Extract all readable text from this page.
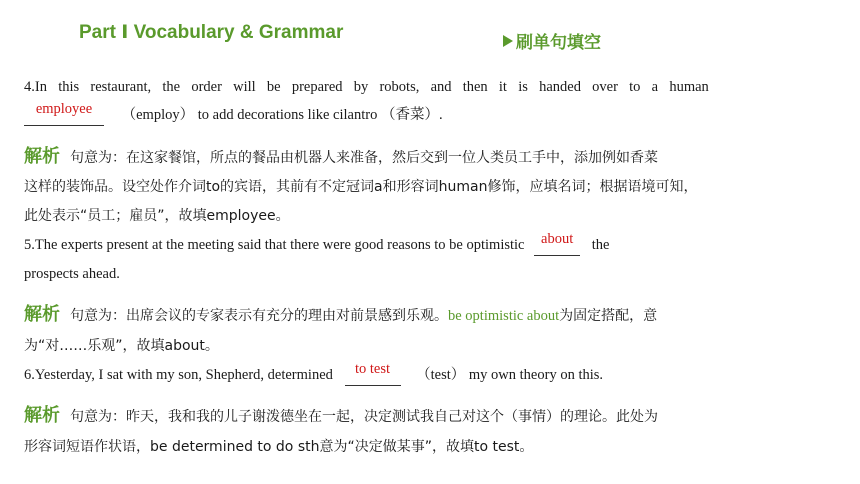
Part Ⅰ Vocabulary & Grammar	刷单句填空
4.In this restaurant, the order will be prepared by robots, and then it is handed over to a human
employee （employ） to add decorations like cilantro （香菜）.
解析 句意为：在这家餐馆，所点的餐品由机器人来准备，然后交到一位人类员工手中，添加例如香菜
这样的装饰品。设空处作介词to的宾语，其前有不定冠词a和形容词human修饰，应填名词；根据语境可知，
此处表示“员工；雇员”，故填employee。
5.The experts present at the meeting said that there were good reasons to be optimistic about the
prospects ahead.
解析 句意为：出席会议的专家表示有充分的理由对前景感到乐观。be optimistic about为固定搭配，意
为“对……乐观”，故填about。
6.Yesterday, I sat with my son, Shepherd, determined to test （test） my own theory on this.
解析 句意为：昨天，我和我的儿子谢泼德坐在一起，决定测试我自己对这个（事情）的理论。此处为
形容词短语作状语，be determined to do sth意为“决定做某事”，故填to test。
